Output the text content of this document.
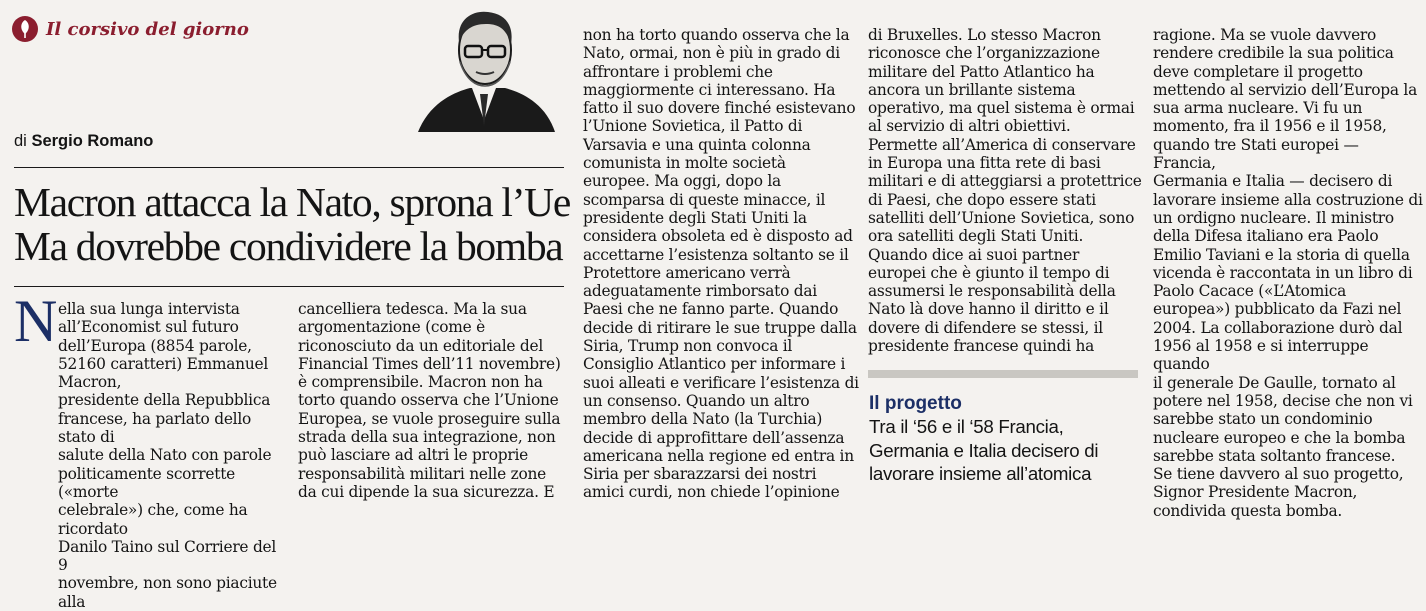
Il corsivo del giorno
di Sergio Romano
Macron attacca la Nato, sprona l’Ue
Ma dovrebbe condividere la bomba
N ella sua lunga intervista
all’Economist sul futuro
dell’Europa (8854 parole,
52160 caratteri) Emmanuel Macron,
presidente della Repubblica
francese, ha parlato dello stato di
salute della Nato con parole
politicamente scorrette («morte
celebrale») che, come ha ricordato
Danilo Taino sul Corriere del 9
novembre, non sono piaciute alla

cancelliera tedesca. Ma la sua
argomentazione (come è
riconosciuto da un editoriale del
Financial Times dell’11 novembre)
è comprensibile. Macron non ha
torto quando osserva che l’Unione
Europea, se vuole proseguire sulla
strada della sua integrazione, non
può lasciare ad altri le proprie
responsabilità militari nelle zone
da cui dipende la sua sicurezza. E

non ha torto quando osserva che la
Nato, ormai, non è più in grado di
affrontare i problemi che
maggiormente ci interessano. Ha
fatto il suo dovere finché esistevano
l’Unione Sovietica, il Patto di
Varsavia e una quinta colonna
comunista in molte società
europee. Ma oggi, dopo la
scomparsa di queste minacce, il
presidente degli Stati Uniti la
considera obsoleta ed è disposto ad
accettarne l’esistenza soltanto se il
Protettore americano verrà
adeguatamente rimborsato dai
Paesi che ne fanno parte. Quando
decide di ritirare le sue truppe dalla
Siria, Trump non convoca il
Consiglio Atlantico per informare i
suoi alleati e verificare l’esistenza di
un consenso. Quando un altro
membro della Nato (la Turchia)
decide di approfittare dell’assenza
americana nella regione ed entra in
Siria per sbarazzarsi dei nostri
amici curdi, non chiede l’opinione

di Bruxelles. Lo stesso Macron
riconosce che l’organizzazione
militare del Patto Atlantico ha
ancora un brillante sistema
operativo, ma quel sistema è ormai
al servizio di altri obiettivi.
Permette all’America di conservare
in Europa una fitta rete di basi
militari e di atteggiarsi a protettrice
di Paesi, che dopo essere stati
satelliti dell’Unione Sovietica, sono
ora satelliti degli Stati Uniti.
Quando dice ai suoi partner
europei che è giunto il tempo di
assumersi le responsabilità della
Nato là dove hanno il diritto e il
dovere di difendere se stessi, il
presidente francese quindi ha

ragione. Ma se vuole davvero
rendere credibile la sua politica
deve completare il progetto
mettendo al servizio dell’Europa la
sua arma nucleare. Vi fu un
momento, fra il 1956 e il 1958,
quando tre Stati europei — Francia,
Germania e Italia — decisero di
lavorare insieme alla costruzione di
un ordigno nucleare. Il ministro
della Difesa italiano era Paolo
Emilio Taviani e la storia di quella
vicenda è raccontata in un libro di
Paolo Cacace («L’Atomica
europea») pubblicato da Fazi nel
2004. La collaborazione durò dal
1956 al 1958 e si interruppe quando
il generale De Gaulle, tornato al
potere nel 1958, decise che non vi
sarebbe stato un condominio
nucleare europeo e che la bomba
sarebbe stata soltanto francese.
Se tiene davvero al suo progetto,
Signor Presidente Macron,
condivida questa bomba.

Il progetto

Tra il ‘56 e il ‘58 Francia,
Germania e Italia decisero di
lavorare insieme all’atomica
